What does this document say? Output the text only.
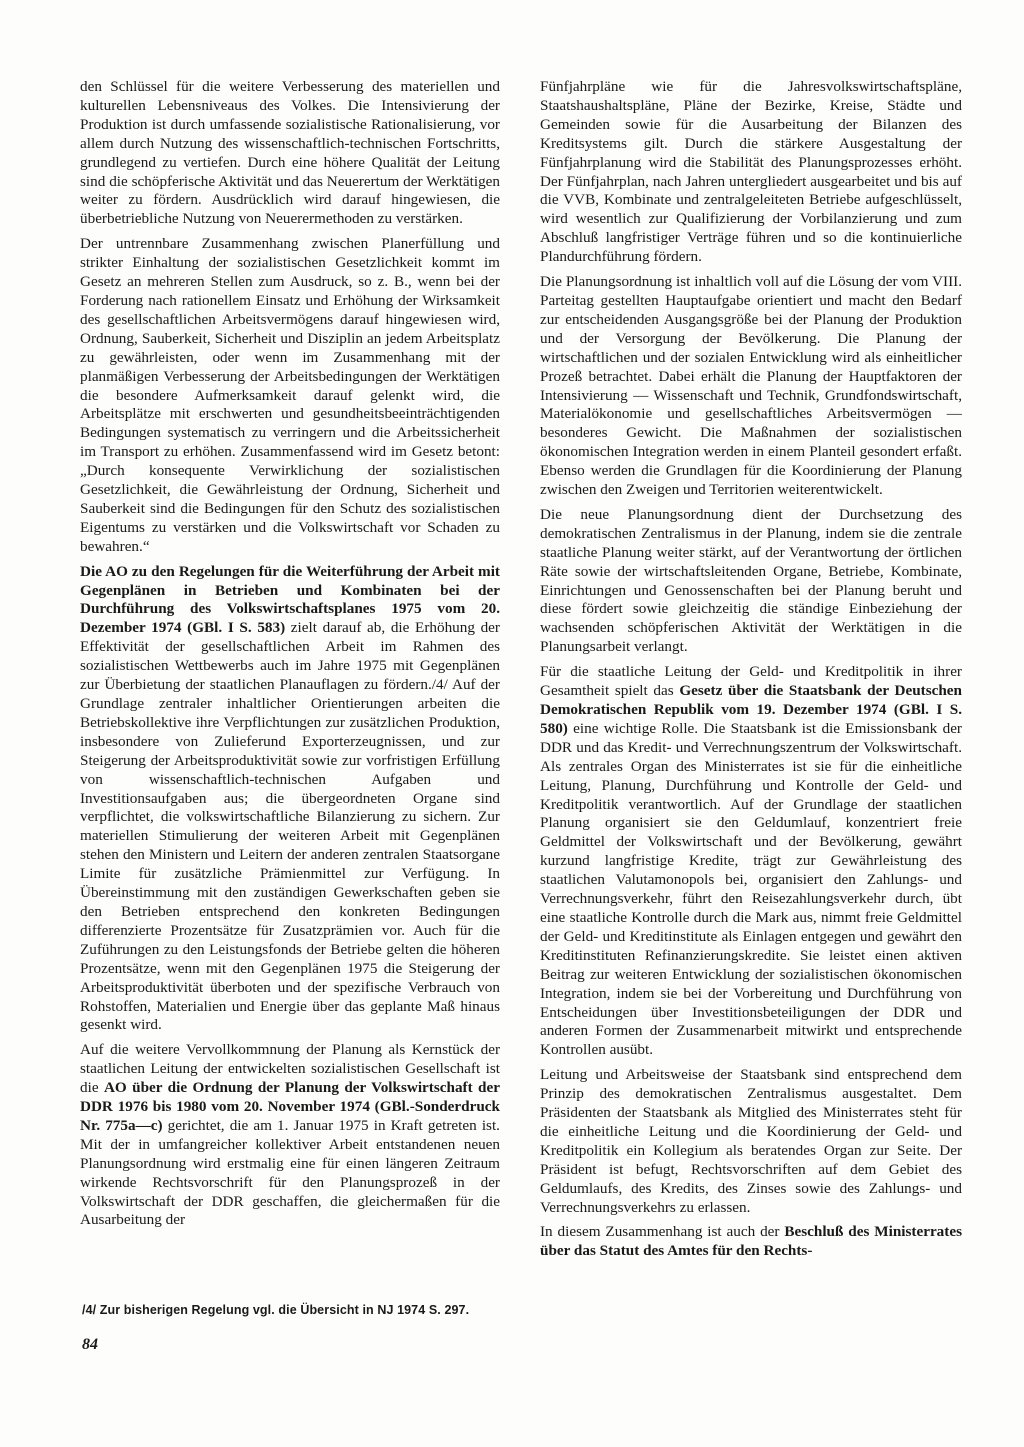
den Schlüssel für die weitere Verbesserung des materiellen und kulturellen Lebensniveaus des Volkes. Die Intensivierung der Produktion ist durch umfassende sozialistische Rationalisierung, vor allem durch Nutzung des wissenschaftlich-technischen Fortschritts, grundlegend zu vertiefen. Durch eine höhere Qualität der Leitung sind die schöpferische Aktivität und das Neuerertum der Werktätigen weiter zu fördern. Ausdrücklich wird darauf hingewiesen, die überbetriebliche Nutzung von Neuerermethoden zu verstärken.

Der untrennbare Zusammenhang zwischen Planerfüllung und strikter Einhaltung der sozialistischen Gesetzlichkeit kommt im Gesetz an mehreren Stellen zum Ausdruck, so z. B., wenn bei der Forderung nach rationellem Einsatz und Erhöhung der Wirksamkeit des gesellschaftlichen Arbeitsvermögens darauf hingewiesen wird, Ordnung, Sauberkeit, Sicherheit und Disziplin an jedem Arbeitsplatz zu gewährleisten, oder wenn im Zusammenhang mit der planmäßigen Verbesserung der Arbeitsbedingungen der Werktätigen die besondere Aufmerksamkeit darauf gelenkt wird, die Arbeitsplätze mit erschwerten und gesundheitsbeeinträchtigenden Bedingungen systematisch zu verringern und die Arbeitssicherheit im Transport zu erhöhen. Zusammenfassend wird im Gesetz betont: „Durch konsequente Verwirklichung der sozialistischen Gesetzlichkeit, die Gewährleistung der Ordnung, Sicherheit und Sauberkeit sind die Bedingungen für den Schutz des sozialistischen Eigentums zu verstärken und die Volkswirtschaft vor Schaden zu bewahren.“

Die AO zu den Regelungen für die Weiterführung der Arbeit mit Gegenplänen in Betrieben und Kombinaten bei der Durchführung des Volkswirtschaftsplanes 1975 vom 20. Dezember 1974 (GBl. I S. 583) zielt darauf ab, die Erhöhung der Effektivität der gesellschaftlichen Arbeit im Rahmen des sozialistischen Wettbewerbs auch im Jahre 1975 mit Gegenplänen zur Überbietung der staatlichen Planauflagen zu fördern./4/ Auf der Grundlage zentraler inhaltlicher Orientierungen arbeiten die Betriebskollektive ihre Verpflichtungen zur zusätzlichen Produktion, insbesondere von Zulieferund Exporterzeugnissen, und zur Steigerung der Arbeitsproduktivität sowie zur vorfristigen Erfüllung von wissenschaftlich-technischen Aufgaben und Investitionsaufgaben aus; die übergeordneten Organe sind verpflichtet, die volkswirtschaftliche Bilanzierung zu sichern. Zur materiellen Stimulierung der weiteren Arbeit mit Gegenplänen stehen den Ministern und Leitern der anderen zentralen Staatsorgane Limite für zusätzliche Prämienmittel zur Verfügung. In Übereinstimmung mit den zuständigen Gewerkschaften geben sie den Betrieben entsprechend den konkreten Bedingungen differenzierte Prozentsätze für Zusatzprämien vor. Auch für die Zuführungen zu den Leistungsfonds der Betriebe gelten die höheren Prozentsätze, wenn mit den Gegenplänen 1975 die Steigerung der Arbeitsproduktivität überboten und der spezifische Verbrauch von Rohstoffen, Materialien und Energie über das geplante Maß hinaus gesenkt wird.

Auf die weitere Vervollkommnung der Planung als Kernstück der staatlichen Leitung der entwickelten sozialistischen Gesellschaft ist die AO über die Ordnung der Planung der Volkswirtschaft der DDR 1976 bis 1980 vom 20. November 1974 (GBl.-Sonderdruck Nr. 775a—c) gerichtet, die am 1. Januar 1975 in Kraft getreten ist. Mit der in umfangreicher kollektiver Arbeit entstandenen neuen Planungsordnung wird erstmalig eine für einen längeren Zeitraum wirkende Rechtsvorschrift für den Planungsprozeß in der Volkswirtschaft der DDR geschaffen, die gleichermaßen für die Ausarbeitung der

Fünfjahrpläne wie für die Jahresvolkswirtschaftspläne, Staatshaushaltspläne, Pläne der Bezirke, Kreise, Städte und Gemeinden sowie für die Ausarbeitung der Bilanzen des Kreditsystems gilt. Durch die stärkere Ausgestaltung der Fünfjahrplanung wird die Stabilität des Planungsprozesses erhöht. Der Fünfjahrplan, nach Jahren untergliedert ausgearbeitet und bis auf die VVB, Kombinate und zentralgeleiteten Betriebe aufgeschlüsselt, wird wesentlich zur Qualifizierung der Vorbilanzierung und zum Abschluß langfristiger Verträge führen und so die kontinuierliche Plandurchführung fördern.

Die Planungsordnung ist inhaltlich voll auf die Lösung der vom VIII. Parteitag gestellten Hauptaufgabe orientiert und macht den Bedarf zur entscheidenden Ausgangsgröße bei der Planung der Produktion und der Versorgung der Bevölkerung. Die Planung der wirtschaftlichen und der sozialen Entwicklung wird als einheitlicher Prozeß betrachtet. Dabei erhält die Planung der Hauptfaktoren der Intensivierung — Wissenschaft und Technik, Grundfondswirtschaft, Materialökonomie und gesellschaftliches Arbeitsvermögen — besonderes Gewicht. Die Maßnahmen der sozialistischen ökonomischen Integration werden in einem Planteil gesondert erfaßt. Ebenso werden die Grundlagen für die Koordinierung der Planung zwischen den Zweigen und Territorien weiterentwickelt.

Die neue Planungsordnung dient der Durchsetzung des demokratischen Zentralismus in der Planung, indem sie die zentrale staatliche Planung weiter stärkt, auf der Verantwortung der örtlichen Räte sowie der wirtschaftsleitenden Organe, Betriebe, Kombinate, Einrichtungen und Genossenschaften bei der Planung beruht und diese fördert sowie gleichzeitig die ständige Einbeziehung der wachsenden schöpferischen Aktivität der Werktätigen in die Planungsarbeit verlangt.

Für die staatliche Leitung der Geld- und Kreditpolitik in ihrer Gesamtheit spielt das Gesetz über die Staatsbank der Deutschen Demokratischen Republik vom 19. Dezember 1974 (GBl. I S. 580) eine wichtige Rolle. Die Staatsbank ist die Emissionsbank der DDR und das Kredit- und Verrechnungszentrum der Volkswirtschaft. Als zentrales Organ des Ministerrates ist sie für die einheitliche Leitung, Planung, Durchführung und Kontrolle der Geld- und Kreditpolitik verantwortlich. Auf der Grundlage der staatlichen Planung organisiert sie den Geldumlauf, konzentriert freie Geldmittel der Volkswirtschaft und der Bevölkerung, gewährt kurzund langfristige Kredite, trägt zur Gewährleistung des staatlichen Valutamonopols bei, organisiert den Zahlungs- und Verrechnungsverkehr, führt den Reisezahlungsverkehr durch, übt eine staatliche Kontrolle durch die Mark aus, nimmt freie Geldmittel der Geld- und Kreditinstitute als Einlagen entgegen und gewährt den Kreditinstituten Refinanzierungskredite. Sie leistet einen aktiven Beitrag zur weiteren Entwicklung der sozialistischen ökonomischen Integration, indem sie bei der Vorbereitung und Durchführung von Entscheidungen über Investitionsbeteiligungen der DDR und anderen Formen der Zusammenarbeit mitwirkt und entsprechende Kontrollen ausübt.

Leitung und Arbeitsweise der Staatsbank sind entsprechend dem Prinzip des demokratischen Zentralismus ausgestaltet. Dem Präsidenten der Staatsbank als Mitglied des Ministerrates steht für die einheitliche Leitung und die Koordinierung der Geld- und Kreditpolitik ein Kollegium als beratendes Organ zur Seite. Der Präsident ist befugt, Rechtsvorschriften auf dem Gebiet des Geldumlaufs, des Kredits, des Zinses sowie des Zahlungs- und Verrechnungsverkehrs zu erlassen.

In diesem Zusammenhang ist auch der Beschluß des Ministerrates über das Statut des Amtes für den Rechts-

/4/ Zur bisherigen Regelung vgl. die Übersicht in NJ 1974 S. 297.
84
